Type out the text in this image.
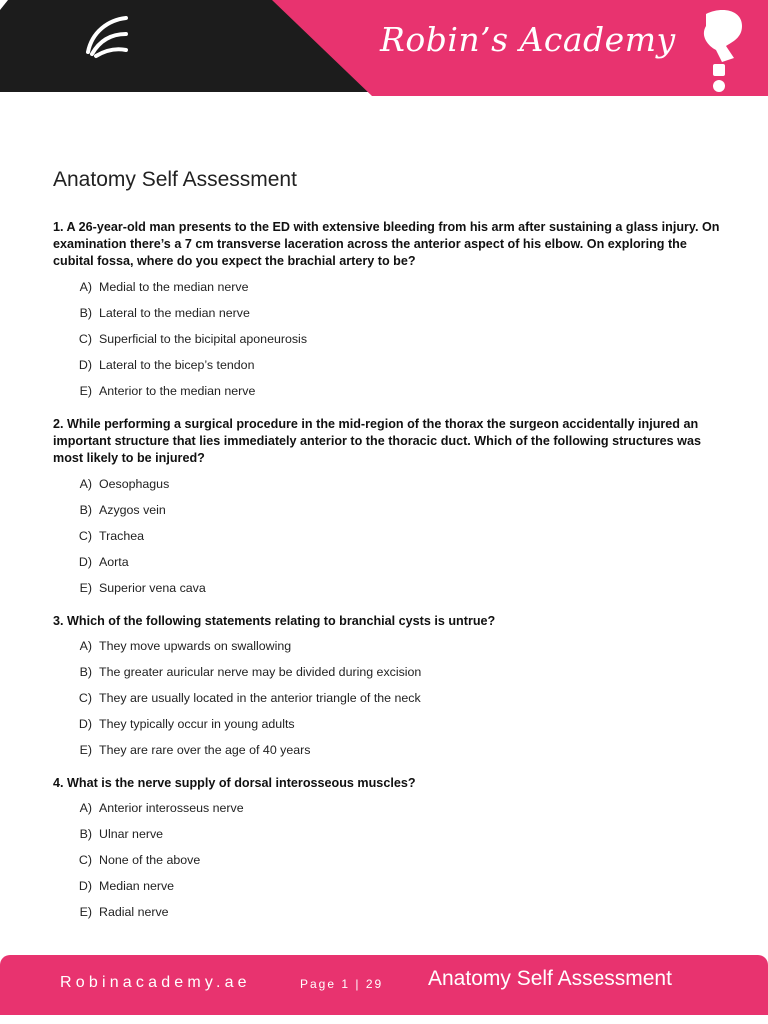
Robin’s Academy
Anatomy Self Assessment
1. A 26-year-old man presents to the ED with extensive bleeding from his arm after sustaining a glass injury. On examination there’s a 7 cm transverse laceration across the anterior aspect of his elbow. On exploring the cubital fossa, where do you expect the brachial artery to be?
A) Medial to the median nerve
B) Lateral to the median nerve
C) Superficial to the bicipital aponeurosis
D) Lateral to the bicep’s tendon
E) Anterior to the median nerve
2. While performing a surgical procedure in the mid-region of the thorax the surgeon accidentally injured an important structure that lies immediately anterior to the thoracic duct. Which of the following structures was most likely to be injured?
A) Oesophagus
B) Azygos vein
C) Trachea
D) Aorta
E) Superior vena cava
3. Which of the following statements relating to branchial cysts is untrue?
A) They move upwards on swallowing
B) The greater auricular nerve may be divided during excision
C) They are usually located in the anterior triangle of the neck
D) They typically occur in young adults
E) They are rare over the age of 40 years
4. What is the nerve supply of dorsal interosseous muscles?
A) Anterior interosseus nerve
B) Ulnar nerve
C) None of the above
D) Median nerve
E) Radial nerve
Robinacademy.ae	Page 1 | 29 Anatomy Self Assessment
